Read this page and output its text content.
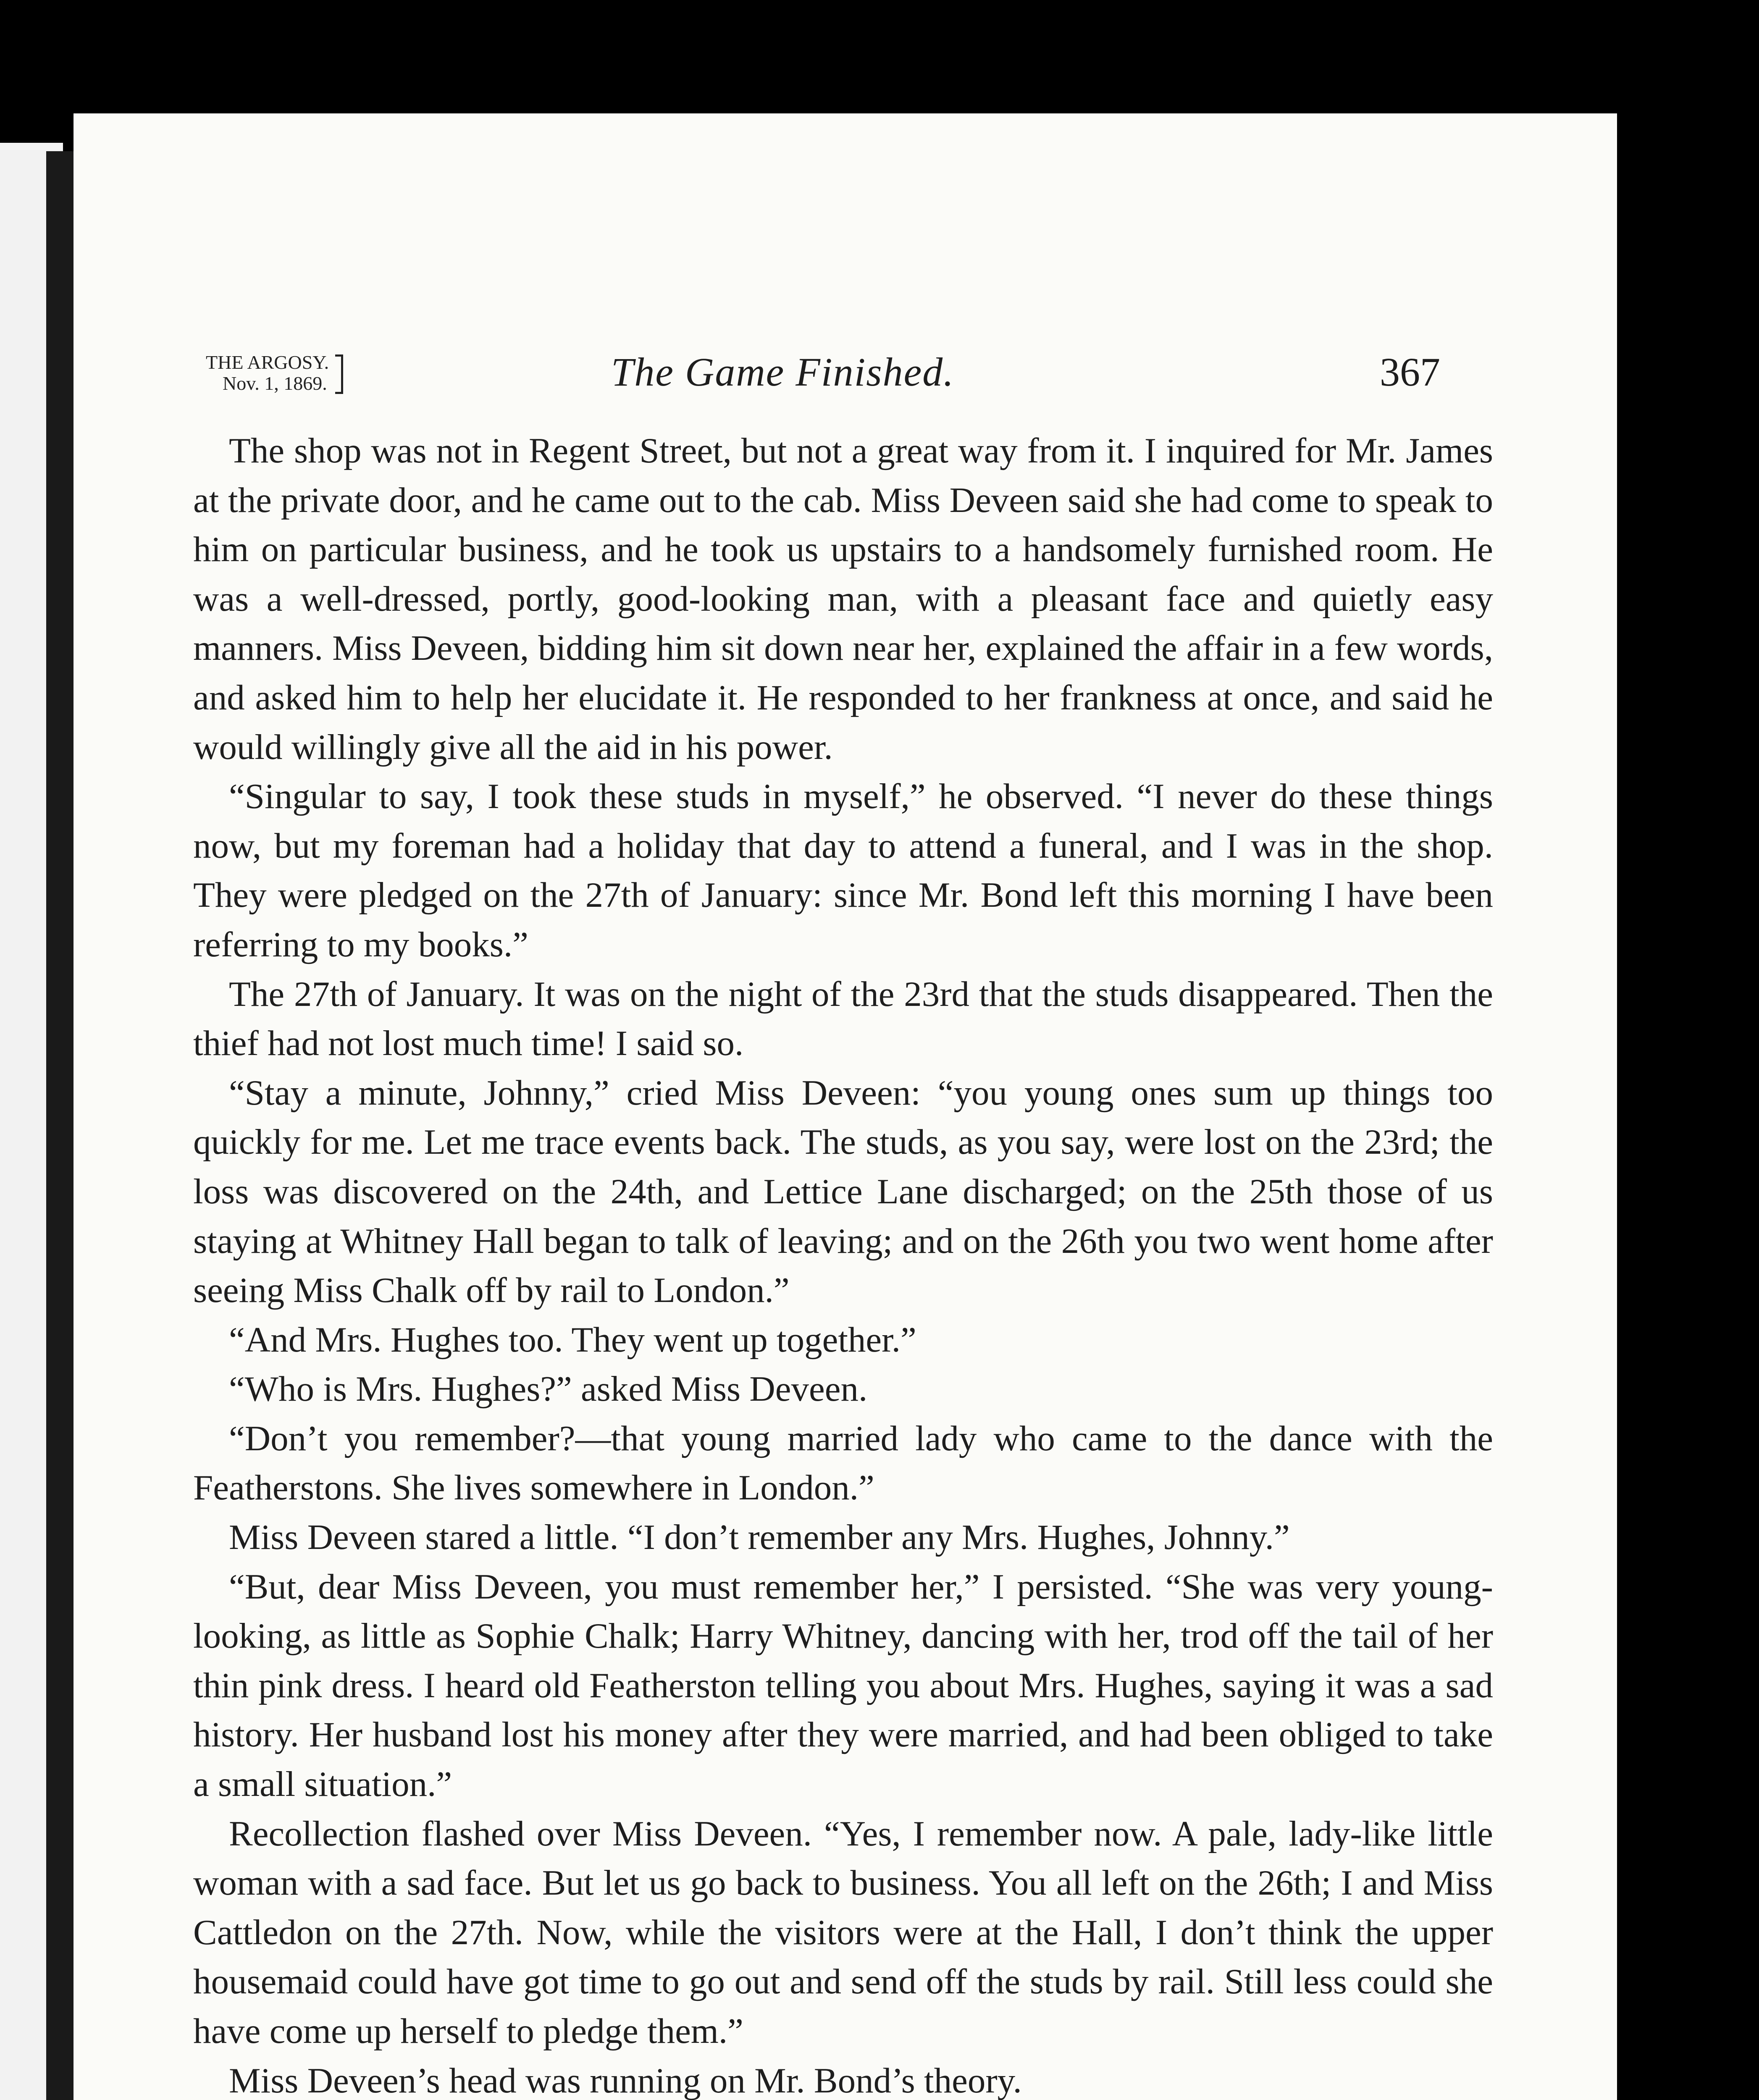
THE ARGOSY.
Nov. 1, 1869.	The Game Finished.	367

The shop was not in Regent Street, but not a great way from it. I inquired for Mr. James at the private door, and he came out to the cab. Miss Deveen said she had come to speak to him on particular business, and he took us upstairs to a handsomely furnished room. He was a well-dressed, portly, good-looking man, with a pleasant face and quietly easy manners. Miss Deveen, bidding him sit down near her, explained the affair in a few words, and asked him to help her elucidate it. He responded to her frankness at once, and said he would willingly give all the aid in his power.

“Singular to say, I took these studs in myself,” he observed. “I never do these things now, but my foreman had a holiday that day to attend a funeral, and I was in the shop. They were pledged on the 27th of January: since Mr. Bond left this morning I have been referring to my books.”

The 27th of January. It was on the night of the 23rd that the studs disappeared. Then the thief had not lost much time! I said so.

“Stay a minute, Johnny,” cried Miss Deveen: “you young ones sum up things too quickly for me. Let me trace events back. The studs, as you say, were lost on the 23rd; the loss was discovered on the 24th, and Lettice Lane discharged; on the 25th those of us staying at Whitney Hall began to talk of leaving; and on the 26th you two went home after seeing Miss Chalk off by rail to London.”

“And Mrs. Hughes too. They went up together.”

“Who is Mrs. Hughes?” asked Miss Deveen.

“Don’t you remember?—that young married lady who came to the dance with the Featherstons. She lives somewhere in London.”

Miss Deveen stared a little. “I don’t remember any Mrs. Hughes, Johnny.”

“But, dear Miss Deveen, you must remember her,” I persisted. “She was very young-looking, as little as Sophie Chalk; Harry Whitney, dancing with her, trod off the tail of her thin pink dress. I heard old Featherston telling you about Mrs. Hughes, saying it was a sad history. Her husband lost his money after they were married, and had been obliged to take a small situation.”

Recollection flashed over Miss Deveen. “Yes, I remember now. A pale, lady-like little woman with a sad face. But let us go back to business. You all left on the 26th; I and Miss Cattledon on the 27th. Now, while the visitors were at the Hall, I don’t think the upper housemaid could have got time to go out and send off the studs by rail. Still less could she have come up herself to pledge them.”

Miss Deveen’s head was running on Mr. Bond’s theory.
